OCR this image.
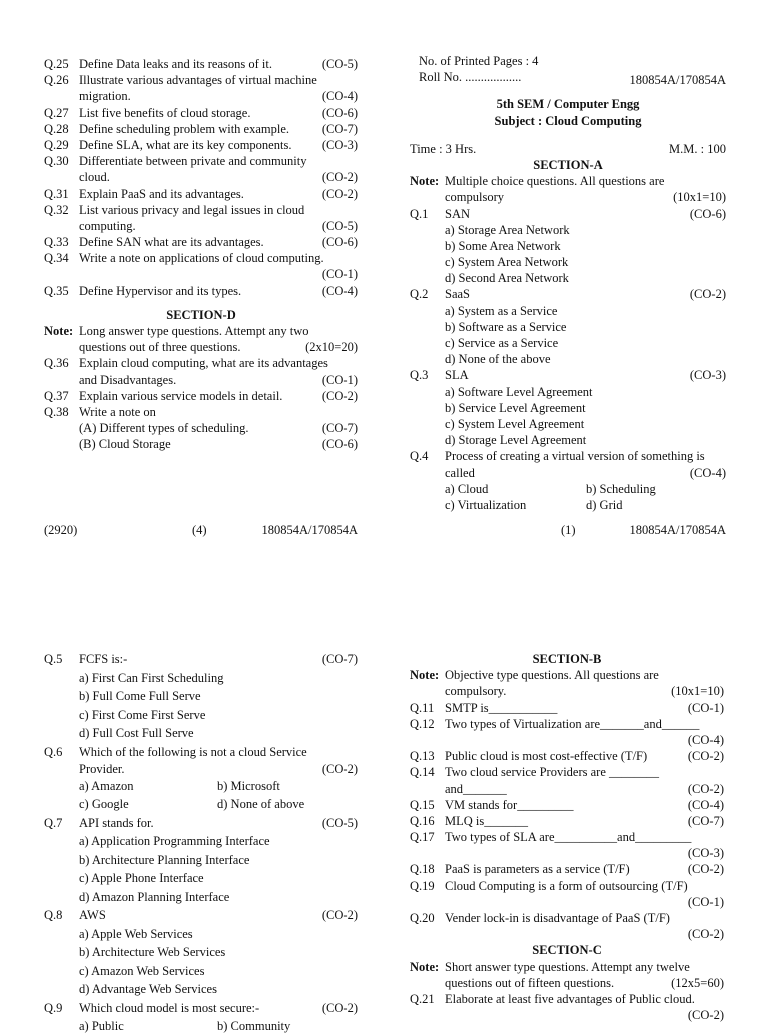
Q.25 Define Data leaks and its reasons of it.	(CO-5)
Q.26 Illustrate various advantages of virtual machine
migration.	(CO-4)
Q.27 List five benefits of cloud storage.	(CO-6)
Q.28 Define scheduling problem with example.	(CO-7)
Q.29 Define SLA, what are its key components. (CO-3)
Q.30 Differentiate between private and community
cloud.	(CO-2)
Q.31 Explain PaaS and its advantages.	(CO-2)
Q.32 List various privacy and legal issues in cloud
computing.	(CO-5)
Q.33 Define SAN what are its advantages.	(CO-6)
Q.34 Write a note on applications of cloud computing.
(CO-1)
Q.35 Define Hypervisor and its types.	(CO-4)
SECTION-D
Note: Long answer type questions. Attempt any two
questions out of three questions.	(2x10=20)
Q.36 Explain cloud computing, what are its advantages
and Disadvantages.	(CO-1)
Q.37 Explain various service models in detail.	(CO-2)
Q.38 Write a note on
(A) Different types of scheduling.	(CO-7)
(B) Cloud Storage	(CO-6)
(2920)	(4)	180854A/170854A
No. of Printed Pages : 4
Roll No. ..................	180854A/170854A
5th SEM / Computer Engg
Subject : Cloud Computing
Time : 3 Hrs.	M.M. : 100
SECTION-A
Note: Multiple choice questions. All questions are
compulsory	(10x1=10)
Q.1 SAN	(CO-6)
a) Storage Area Network
b) Some Area Network
c) System Area Network
d) Second Area Network
Q.2 SaaS	(CO-2)
a) System as a Service
b) Software as a Service
c) Service as a Service
d) None of the above
Q.3 SLA	(CO-3)
a) Software Level Agreement
b) Service Level Agreement
c) System Level Agreement
d) Storage Level Agreement
Q.4 Process of creating a virtual version of something is
called	(CO-4)
a) Cloud	b) Scheduling
c) Virtualization	d) Grid
(1)	180854A/170854A
Q.5 FCFS is:-	(CO-7)
a) First Can First Scheduling
b) Full Come Full Serve
c) First Come First Serve
d) Full Cost Full Serve
Q.6 Which of the following is not a cloud Service
Provider.	(CO-2)
a) Amazon	b) Microsoft
c) Google	d) None of above
Q.7 API stands for.	(CO-5)
a) Application Programming Interface
b) Architecture Planning Interface
c) Apple Phone Interface
d) Amazon Planning Interface
Q.8 AWS	(CO-2)
a) Apple Web Services
b) Architecture Web Services
c) Amazon Web Services
d) Advantage Web Services
Q.9 Which cloud model is most secure:-	(CO-2)
a) Public	b) Community
SECTION-B
Note: Objective type questions. All questions are
compulsory.	(10x1=10)
Q.11 SMTP is___________	(CO-1)
Q.12 Two types of Virtualization are_______and______
(CO-4)
Q.13 Public cloud is most cost-effective (T/F)	(CO-2)
Q.14 Two cloud service Providers are ________
and_______	(CO-2)
Q.15 VM stands for_________	(CO-4)
Q.16 MLQ is_______	(CO-7)
Q.17 Two types of SLA are__________and_________
(CO-3)
Q.18 PaaS is parameters as a service (T/F)	(CO-2)
Q.19 Cloud Computing is a form of outsourcing (T/F)
(CO-1)
Q.20 Vender lock-in is disadvantage of PaaS (T/F)
(CO-2)
SECTION-C
Note: Short answer type questions. Attempt any twelve
questions out of fifteen questions.	(12x5=60)
Q.21 Elaborate at least five advantages of Public cloud.
(CO-2)
